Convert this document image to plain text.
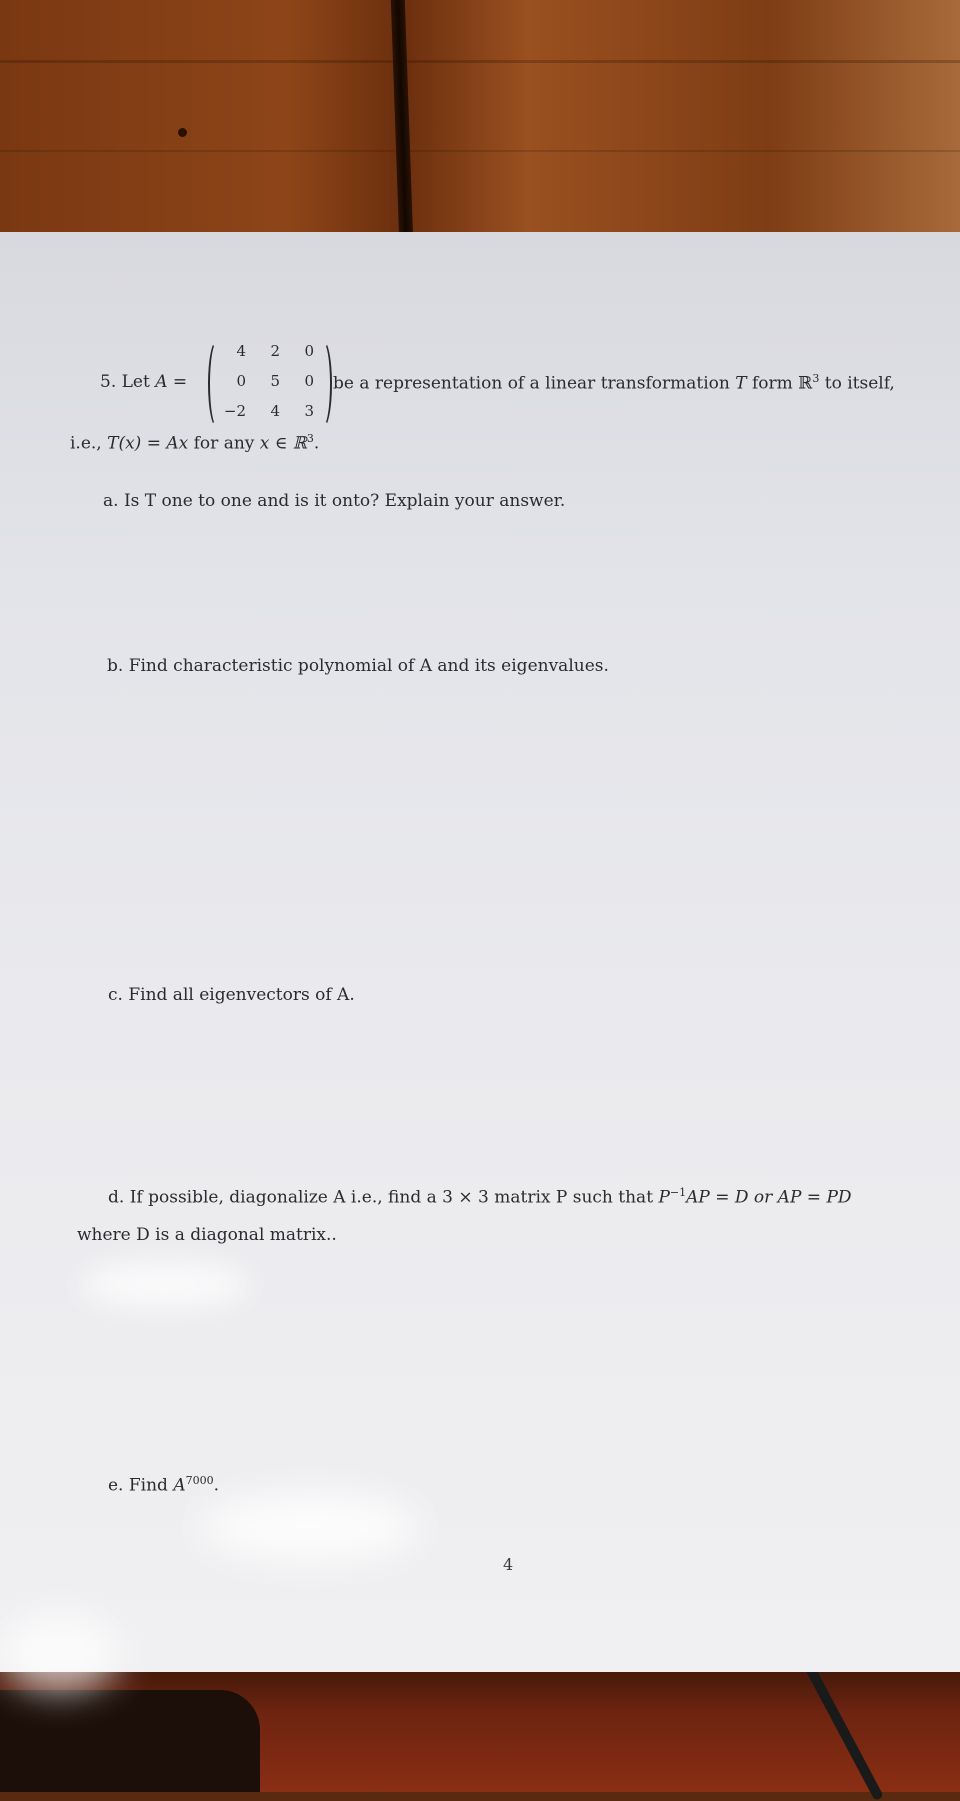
5. Let A =
4	2	0
0	5	0
−2	4	3
be a representation of a linear transformation T form ℝ$^3$ to itself,
i.e., T(x) = Ax for any x ∈ ℝ$^3$.
a. Is T one to one and is it onto? Explain your answer.
b. Find characteristic polynomial of A and its eigenvalues.
c. Find all eigenvectors of A.
d. If possible, diagonalize A i.e., find a 3 × 3 matrix P such that $P^{-1}AP = D$ or AP = PD
where D is a diagonal matrix..
e. Find $A^{7000}$.
4
